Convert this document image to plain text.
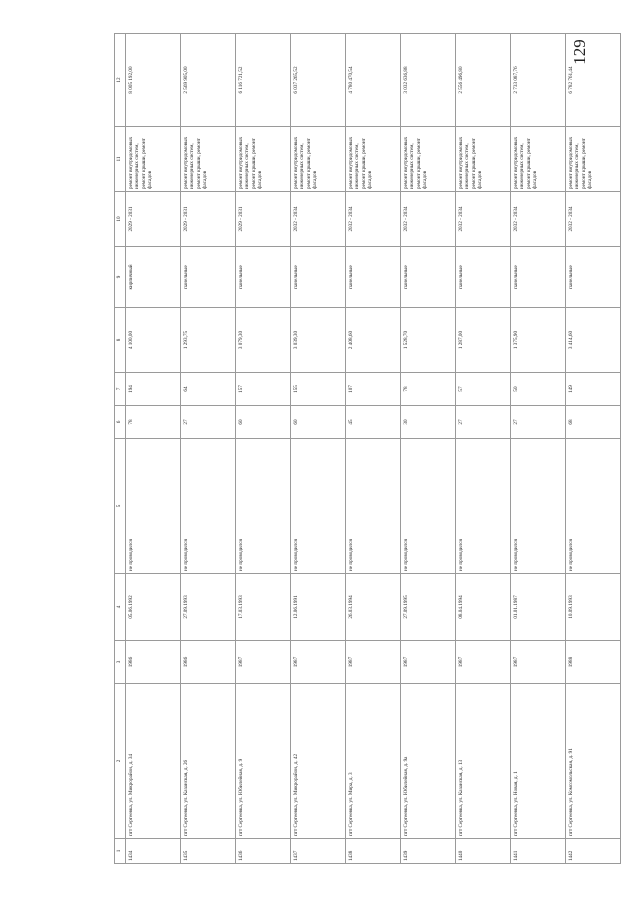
129
1	2	3	4	5	6	7	8	9	10	11	12
1434	пгт Сергеевка, ул. Микрорайон, д. 34	1986	05.06.1992	не проводился	78	194	4 100,00	кирпичный	2029 - 2031	ремонт внутридомовых инженерных систем, ремонт крыши, ремонт фасадов	8 005 192,00
1435	пгт Сергеевка, ул. Казанская, д. 26	1986	27.09.1993	не проводился	27	64	1 293,75	панельные	2029 - 2031	ремонт внутридомовых инженерных систем, ремонт крыши, ремонт фасадов	2 569 905,00
1436	пгт Сергеевка, ул. Юбилейная, д. 9	1987	17.03.1993	не проводился	60	157	3 079,30	панельные	2029 - 2031	ремонт внутридомовых инженерных систем, ремонт крыши, ремонт фасадов	6 116 721,52
1437	пгт Сергеевка, ул. Микрорайон, д. 42	1987	12.06.1991	не проводился	60	155	3 039,30	панельные	2032 - 2034	ремонт внутридомовых инженерных систем, ремонт крыши, ремонт фасадов	6 037 265,52
1438	пгт Сергеевка, ул. Мира, д. 3	1987	26.03.1994	не проводился	45	107	2 408,60	панельные	2032 - 2034	ремонт внутридомовых инженерных систем, ремонт крыши, ремонт фасадов	4 780 470,54
1439	пгт Сергеевка, ул. Юбилейная, д. 9а	1987	27.09.1995	не проводился	30	78	1 528,70	панельные	2032 - 2034	ремонт внутридомовых инженерных систем, ремонт крыши, ремонт фасадов	3 032 636,88
1440	пгт Сергеевка, ул. Казанская, д. 13	1987	08.04.1994	не проводился	27	57	1 287,00	панельные	2032 - 2034	ремонт внутридомовых инженерных систем, ремонт крыши, ремонт фасадов	2 556 496,80
1441	пгт Сергеевка, ул. Новая, д. 1	1987	01.01.1987	не проводился	27	50	1 375,90	панельные	2032 - 2034	ремонт внутридомовых инженерных систем, ремонт крыши, ремонт фасадов	2 733 087,76
1442	пгт Сергеевка, ул. Комсомольская, д. 91	1988	10.09.1993	не проводился	68	149	3 414,60	панельные	2032 - 2034	ремонт внутридомовых инженерных систем, ремонт крыши, ремонт фасадов	6 782 761,44
